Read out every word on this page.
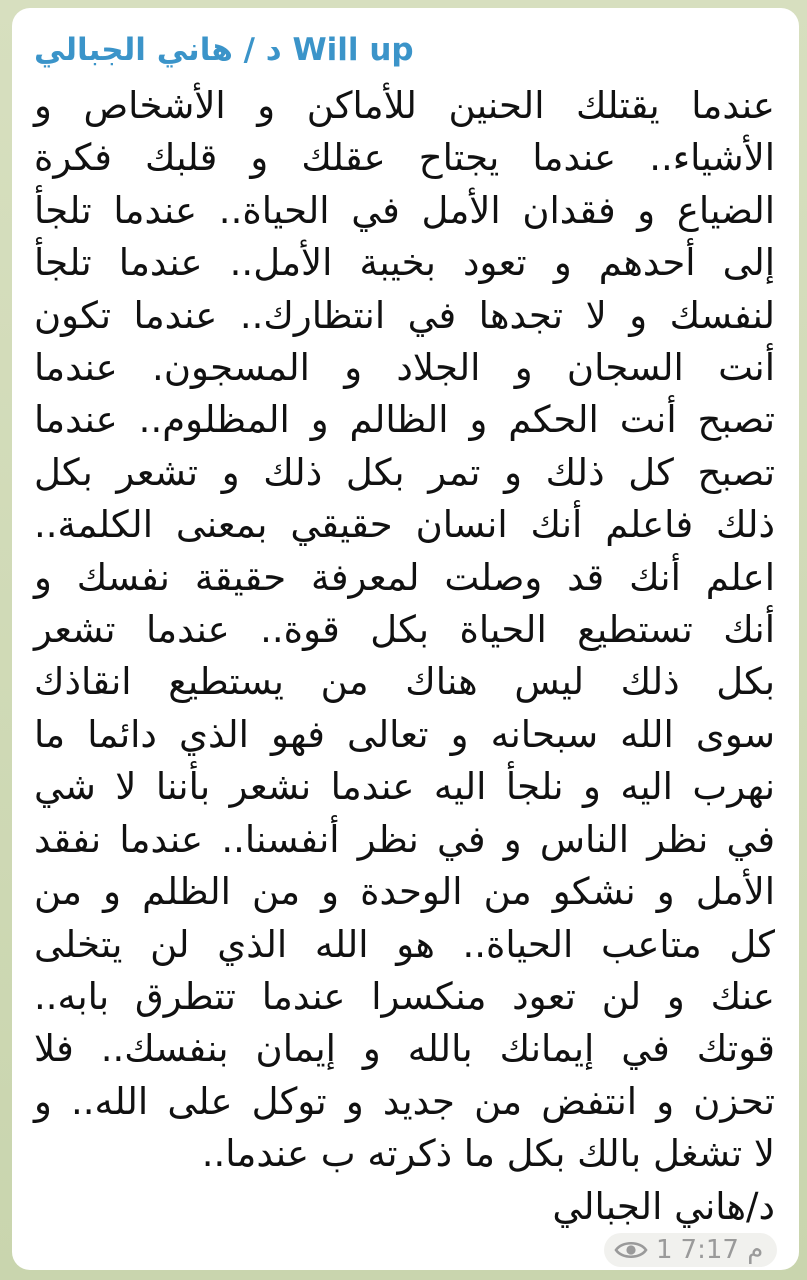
د / هاني الجبالي Will up
عندما يقتلك الحنين للأماكن و الأشخاص و
الأشياء.. عندما يجتاح عقلك و قلبك فكرة
الضياع و فقدان الأمل في الحياة.. عندما تلجأ
إلى أحدهم و تعود بخيبة الأمل.. عندما تلجأ
لنفسك و لا تجدها في انتظارك.. عندما تكون
أنت السجان و الجلاد و المسجون. عندما
تصبح أنت الحكم و الظالم و المظلوم.. عندما
تصبح كل ذلك و تمر بكل ذلك و تشعر بكل
ذلك فاعلم أنك انسان حقيقي بمعنى الكلمة..
اعلم أنك قد وصلت لمعرفة حقيقة نفسك و
أنك تستطيع الحياة بكل قوة.. عندما تشعر
بكل ذلك ليس هناك من يستطيع انقاذك
سوى الله سبحانه و تعالى فهو الذي دائما ما
نهرب اليه و نلجأ اليه عندما نشعر بأننا لا شي
في نظر الناس و في نظر أنفسنا.. عندما نفقد
الأمل و نشكو من الوحدة و من الظلم و من
كل متاعب الحياة.. هو الله الذي لن يتخلى
عنك و لن تعود منكسرا عندما تتطرق بابه..
قوتك في إيمانك بالله و إيمان بنفسك.. فلا
تحزن و انتفض من جديد و توكل على الله.. و
لا تشغل بالك بكل ما ذكرته ب عندما..
د/هاني الجبالي
1 7:17 م
